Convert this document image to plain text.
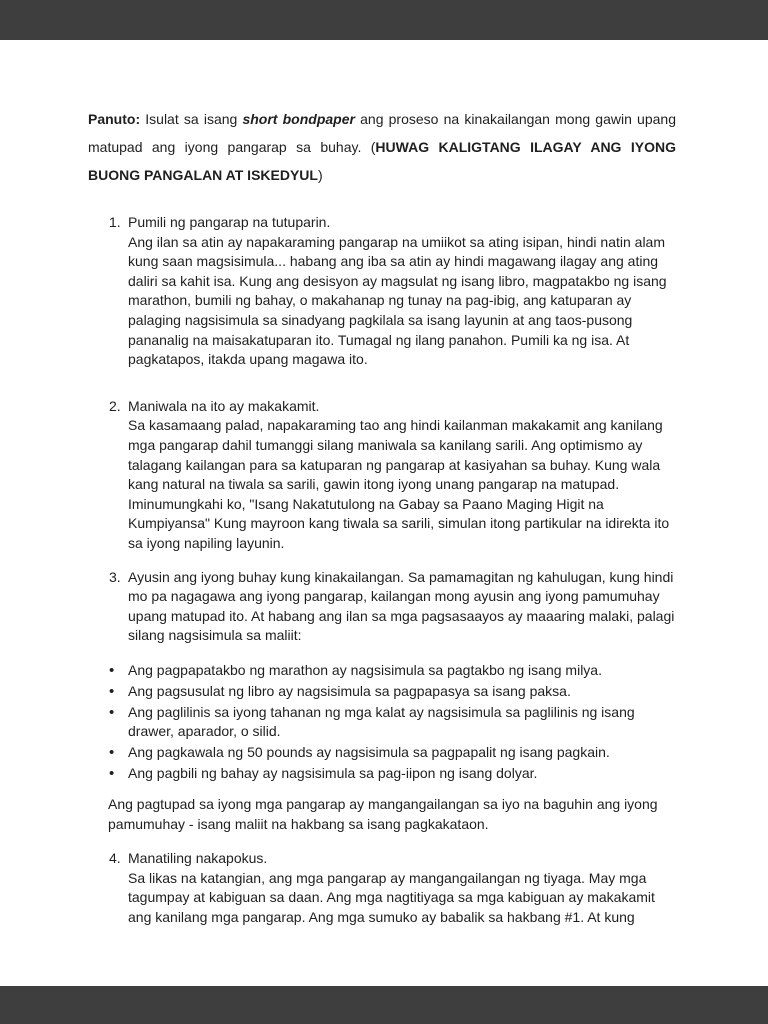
Panuto: Isulat sa isang short bondpaper ang proseso na kinakailangan mong gawin upang matupad ang iyong pangarap sa buhay. (HUWAG KALIGTANG ILAGAY ANG IYONG BUONG PANGALAN AT ISKEDYUL)

1. Pumili ng pangarap na tutuparin.
Ang ilan sa atin ay napakaraming pangarap na umiikot sa ating isipan, hindi natin alam kung saan magsisimula... habang ang iba sa atin ay hindi magawang ilagay ang ating daliri sa kahit isa. Kung ang desisyon ay magsulat ng isang libro, magpatakbo ng isang marathon, bumili ng bahay, o makahanap ng tunay na pag-ibig, ang katuparan ay palaging nagsisimula sa sinadyang pagkilala sa isang layunin at ang taos-pusong pananalig na maisakatuparan ito. Tumagal ng ilang panahon. Pumili ka ng isa. At pagkatapos, itakda upang magawa ito.
2. Maniwala na ito ay makakamit.
Sa kasamaang palad, napakaraming tao ang hindi kailanman makakamit ang kanilang mga pangarap dahil tumanggi silang maniwala sa kanilang sarili. Ang optimismo ay talagang kailangan para sa katuparan ng pangarap at kasiyahan sa buhay. Kung wala kang natural na tiwala sa sarili, gawin itong iyong unang pangarap na matupad. Iminumungkahi ko, "Isang Nakatutulong na Gabay sa Paano Maging Higit na Kumpiyansa" Kung mayroon kang tiwala sa sarili, simulan itong partikular na idirekta ito sa iyong napiling layunin.
3. Ayusin ang iyong buhay kung kinakailangan. Sa pamamagitan ng kahulugan, kung hindi mo pa nagagawa ang iyong pangarap, kailangan mong ayusin ang iyong pamumuhay upang matupad ito. At habang ang ilan sa mga pagsasaayos ay maaaring malaki, palagi silang nagsisimula sa maliit:
• Ang pagpapatakbo ng marathon ay nagsisimula sa pagtakbo ng isang milya.
• Ang pagsusulat ng libro ay nagsisimula sa pagpapasya sa isang paksa.
• Ang paglilinis sa iyong tahanan ng mga kalat ay nagsisimula sa paglilinis ng isang drawer, aparador, o silid.
• Ang pagkawala ng 50 pounds ay nagsisimula sa pagpapalit ng isang pagkain.
• Ang pagbili ng bahay ay nagsisimula sa pag-iipon ng isang dolyar.

Ang pagtupad sa iyong mga pangarap ay mangangailangan sa iyo na baguhin ang iyong pamumuhay - isang maliit na hakbang sa isang pagkakataon.

4. Manatiling nakapokus.
Sa likas na katangian, ang mga pangarap ay mangangailangan ng tiyaga. May mga tagumpay at kabiguan sa daan. Ang mga nagtitiyaga sa mga kabiguan ay makakamit ang kanilang mga pangarap. Ang mga sumuko ay babalik sa hakbang #1. At kung
